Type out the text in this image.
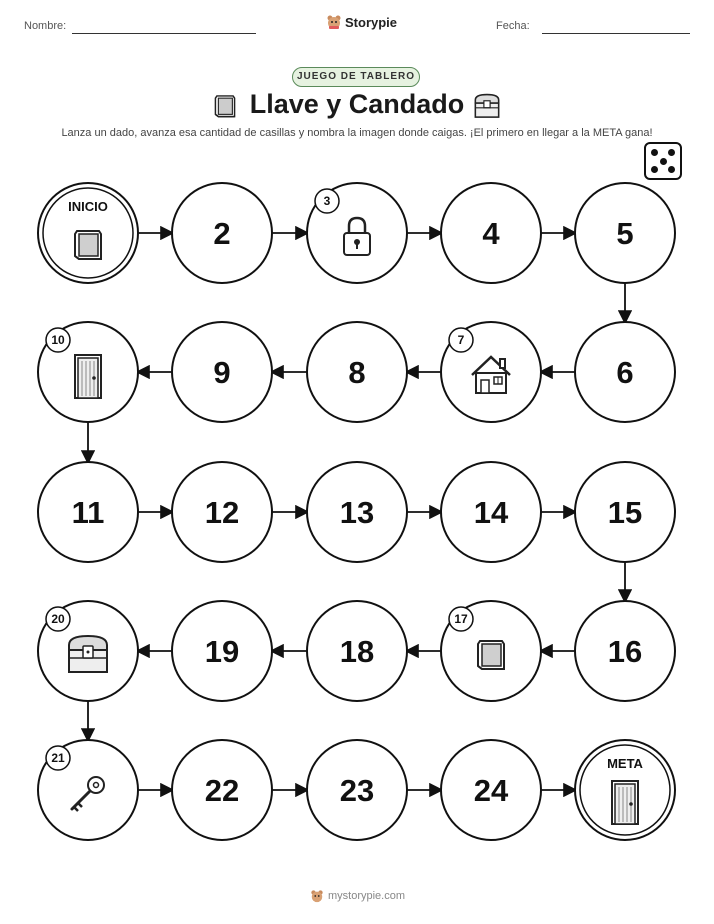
Nombre:	Storypie	Fecha:
JUEGO DE TABLERO
Llave y Candado
Lanza un dado, avanza esa cantidad de casillas y nombra la imagen donde caigas. ¡El primero en llegar a la META gana!
INICIO
2
3
4	5
6
7
8
9
10
11	12	13	14	15
16
17
18
19
20
21
22	23	24
META
mystorypie.com
